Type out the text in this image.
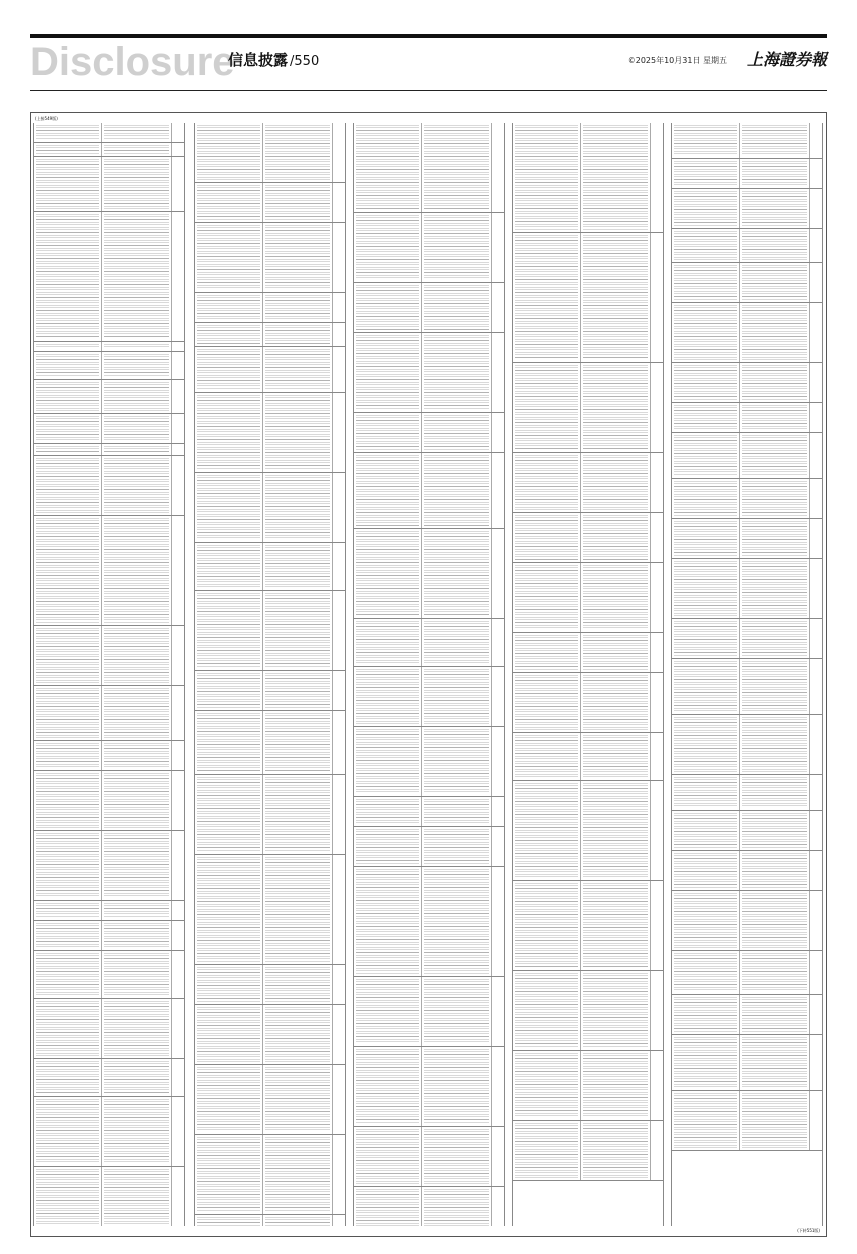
Disclosure
信息披露 /550	©2025年10月31日 星期五 上海證券報
(上接549版)
(下转551版)
